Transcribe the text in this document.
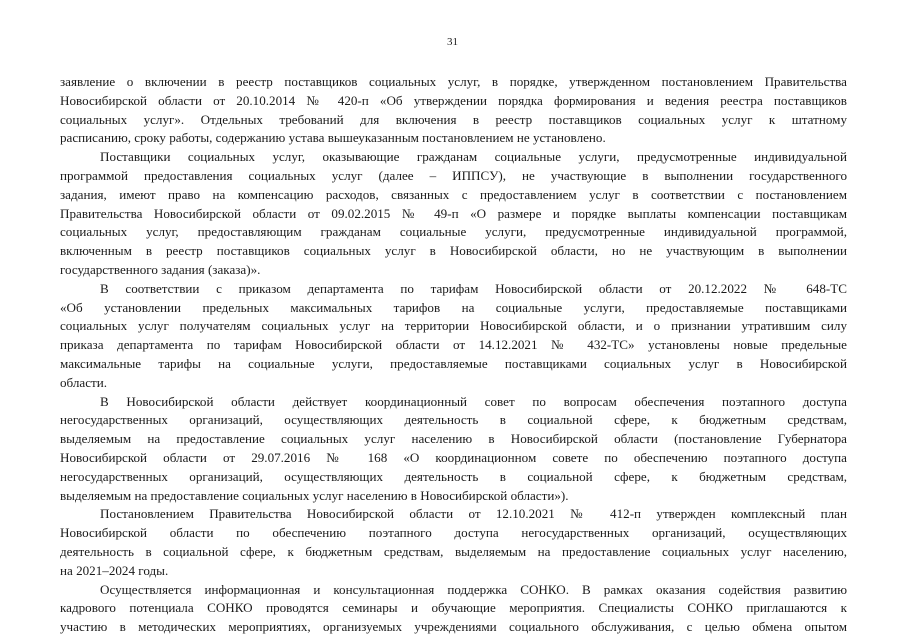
31
заявление о включении в реестр поставщиков социальных услуг, в порядке, утвержденном постановлением Правительства
Новосибирской области от 20.10.2014 № 420-п «Об утверждении порядка формирования и ведения реестра поставщиков
социальных услуг». Отдельных требований для включения в реестр поставщиков социальных услуг к штатному
расписанию, сроку работы, содержанию устава вышеуказанным постановлением не установлено.
Поставщики социальных услуг, оказывающие гражданам социальные услуги, предусмотренные индивидуальной
программой предоставления социальных услуг (далее – ИППСУ), не участвующие в выполнении государственного
задания, имеют право на компенсацию расходов, связанных с предоставлением услуг в соответствии с постановлением
Правительства Новосибирской области от 09.02.2015 № 49-п «О размере и порядке выплаты компенсации поставщикам
социальных услуг, предоставляющим гражданам социальные услуги, предусмотренные индивидуальной программой,
включенным в реестр поставщиков социальных услуг в Новосибирской области, но не участвующим в выполнении
государственного задания (заказа)».
В соответствии с приказом департамента по тарифам Новосибирской области от 20.12.2022 № 648-ТС
«Об установлении предельных максимальных тарифов на социальные услуги, предоставляемые поставщиками
социальных услуг получателям социальных услуг на территории Новосибирской области, и о признании утратившим силу
приказа департамента по тарифам Новосибирской области от 14.12.2021 № 432-ТС» установлены новые предельные
максимальные тарифы на социальные услуги, предоставляемые поставщиками социальных услуг в Новосибирской
области.
В Новосибирской области действует координационный совет по вопросам обеспечения поэтапного доступа
негосударственных организаций, осуществляющих деятельность в социальной сфере, к бюджетным средствам,
выделяемым на предоставление социальных услуг населению в Новосибирской области (постановление Губернатора
Новосибирской области от 29.07.2016 № 168 «О координационном совете по обеспечению поэтапного доступа
негосударственных организаций, осуществляющих деятельность в социальной сфере, к бюджетным средствам,
выделяемым на предоставление социальных услуг населению в Новосибирской области»).
Постановлением Правительства Новосибирской области от 12.10.2021 № 412-п утвержден комплексный план
Новосибирской области по обеспечению поэтапного доступа негосударственных организаций, осуществляющих
деятельность в социальной сфере, к бюджетным средствам, выделяемым на предоставление социальных услуг населению,
на 2021–2024 годы.
Осуществляется информационная и консультационная поддержка СОНКО. В рамках оказания содействия развитию
кадрового потенциала СОНКО проводятся семинары и обучающие мероприятия. Специалисты СОНКО приглашаются к
участию в методических мероприятиях, организуемых учреждениями социального обслуживания, с целью обмена опытом
